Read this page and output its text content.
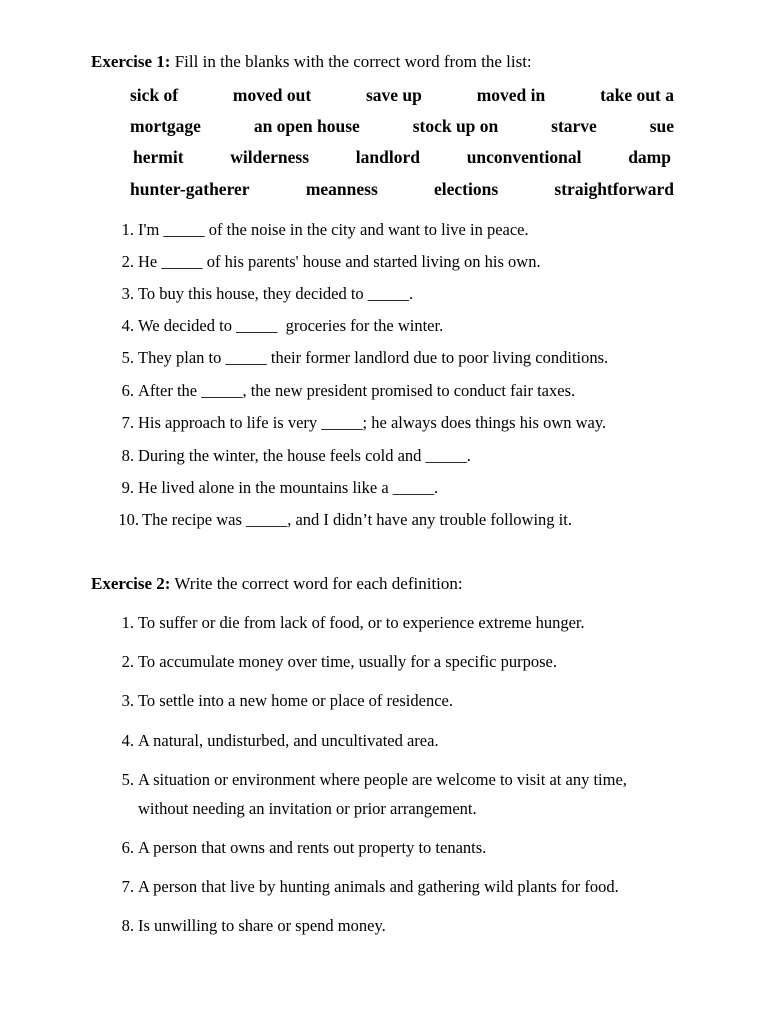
Exercise 1: Fill in the blanks with the correct word from the list:
sick of	moved out	save up	moved in	take out a
mortgage	an open house	stock up on	starve	sue
hermit	wilderness	landlord	unconventional	damp
hunter-gatherer	meanness	elections	straightforward
1. I'm _____ of the noise in the city and want to live in peace.
2. He _____ of his parents' house and started living on his own.
3. To buy this house, they decided to _____.
4. We decided to _____  groceries for the winter.
5. They plan to _____ their former landlord due to poor living conditions.
6. After the _____, the new president promised to conduct fair taxes.
7. His approach to life is very _____; he always does things his own way.
8. During the winter, the house feels cold and _____.
9. He lived alone in the mountains like a _____.
10. The recipe was _____, and I didn’t have any trouble following it.
Exercise 2: Write the correct word for each definition:
1. To suffer or die from lack of food, or to experience extreme hunger.
2. To accumulate money over time, usually for a specific purpose.
3. To settle into a new home or place of residence.
4. A natural, undisturbed, and uncultivated area.
5. A situation or environment where people are welcome to visit at any time, without needing an invitation or prior arrangement.
6. A person that owns and rents out property to tenants.
7. A person that live by hunting animals and gathering wild plants for food.
8. Is unwilling to share or spend money.
